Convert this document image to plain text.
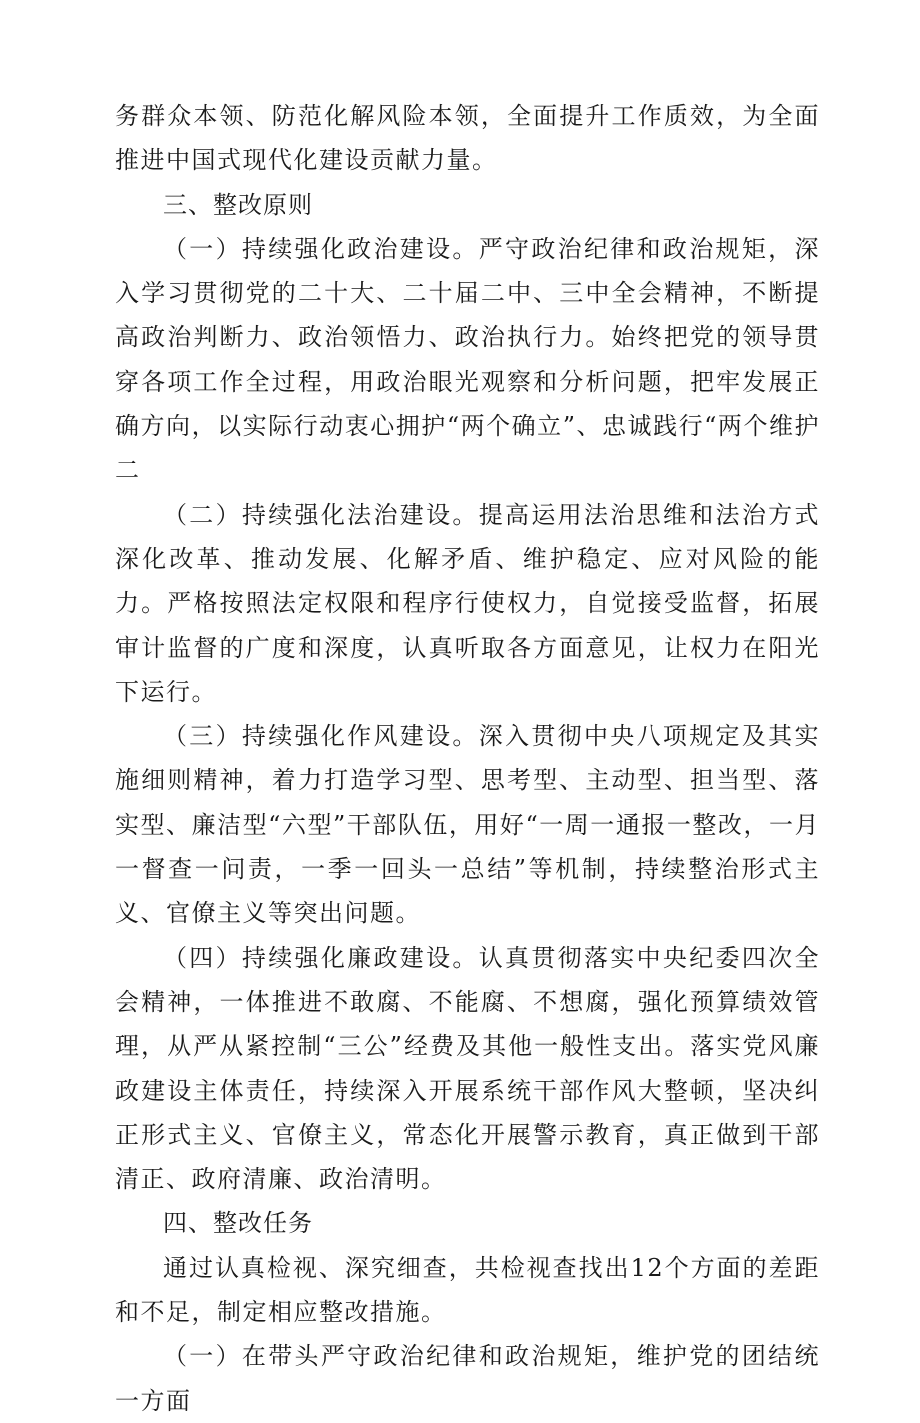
务群众本领、防范化解风险本领，全面提升工作质效，为全面推进中国式现代化建设贡献力量。

三、整改原则

（一）持续强化政治建设。严守政治纪律和政治规矩，深入学习贯彻党的二十大、二十届二中、三中全会精神，不断提高政治判断力、政治领悟力、政治执行力。始终把党的领导贯穿各项工作全过程，用政治眼光观察和分析问题，把牢发展正确方向，以实际行动衷心拥护“两个确立”、忠诚践行“两个维护二

（二）持续强化法治建设。提高运用法治思维和法治方式深化改革、推动发展、化解矛盾、维护稳定、应对风险的能力。严格按照法定权限和程序行使权力，自觉接受监督，拓展审计监督的广度和深度，认真听取各方面意见，让权力在阳光下运行。

（三）持续强化作风建设。深入贯彻中央八项规定及其实施细则精神，着力打造学习型、思考型、主动型、担当型、落实型、廉洁型“六型”干部队伍，用好“一周一通报一整改，一月一督查一问责，一季一回头一总结”等机制，持续整治形式主义、官僚主义等突出问题。

（四）持续强化廉政建设。认真贯彻落实中央纪委四次全会精神，一体推进不敢腐、不能腐、不想腐，强化预算绩效管理，从严从紧控制“三公”经费及其他一般性支出。落实党风廉政建设主体责任，持续深入开展系统干部作风大整顿，坚决纠正形式主义、官僚主义，常态化开展警示教育，真正做到干部清正、政府清廉、政治清明。

四、整改任务

通过认真检视、深究细查，共检视查找出12个方面的差距和不足，制定相应整改措施。

（一）在带头严守政治纪律和政治规矩，维护党的团结统一方面
